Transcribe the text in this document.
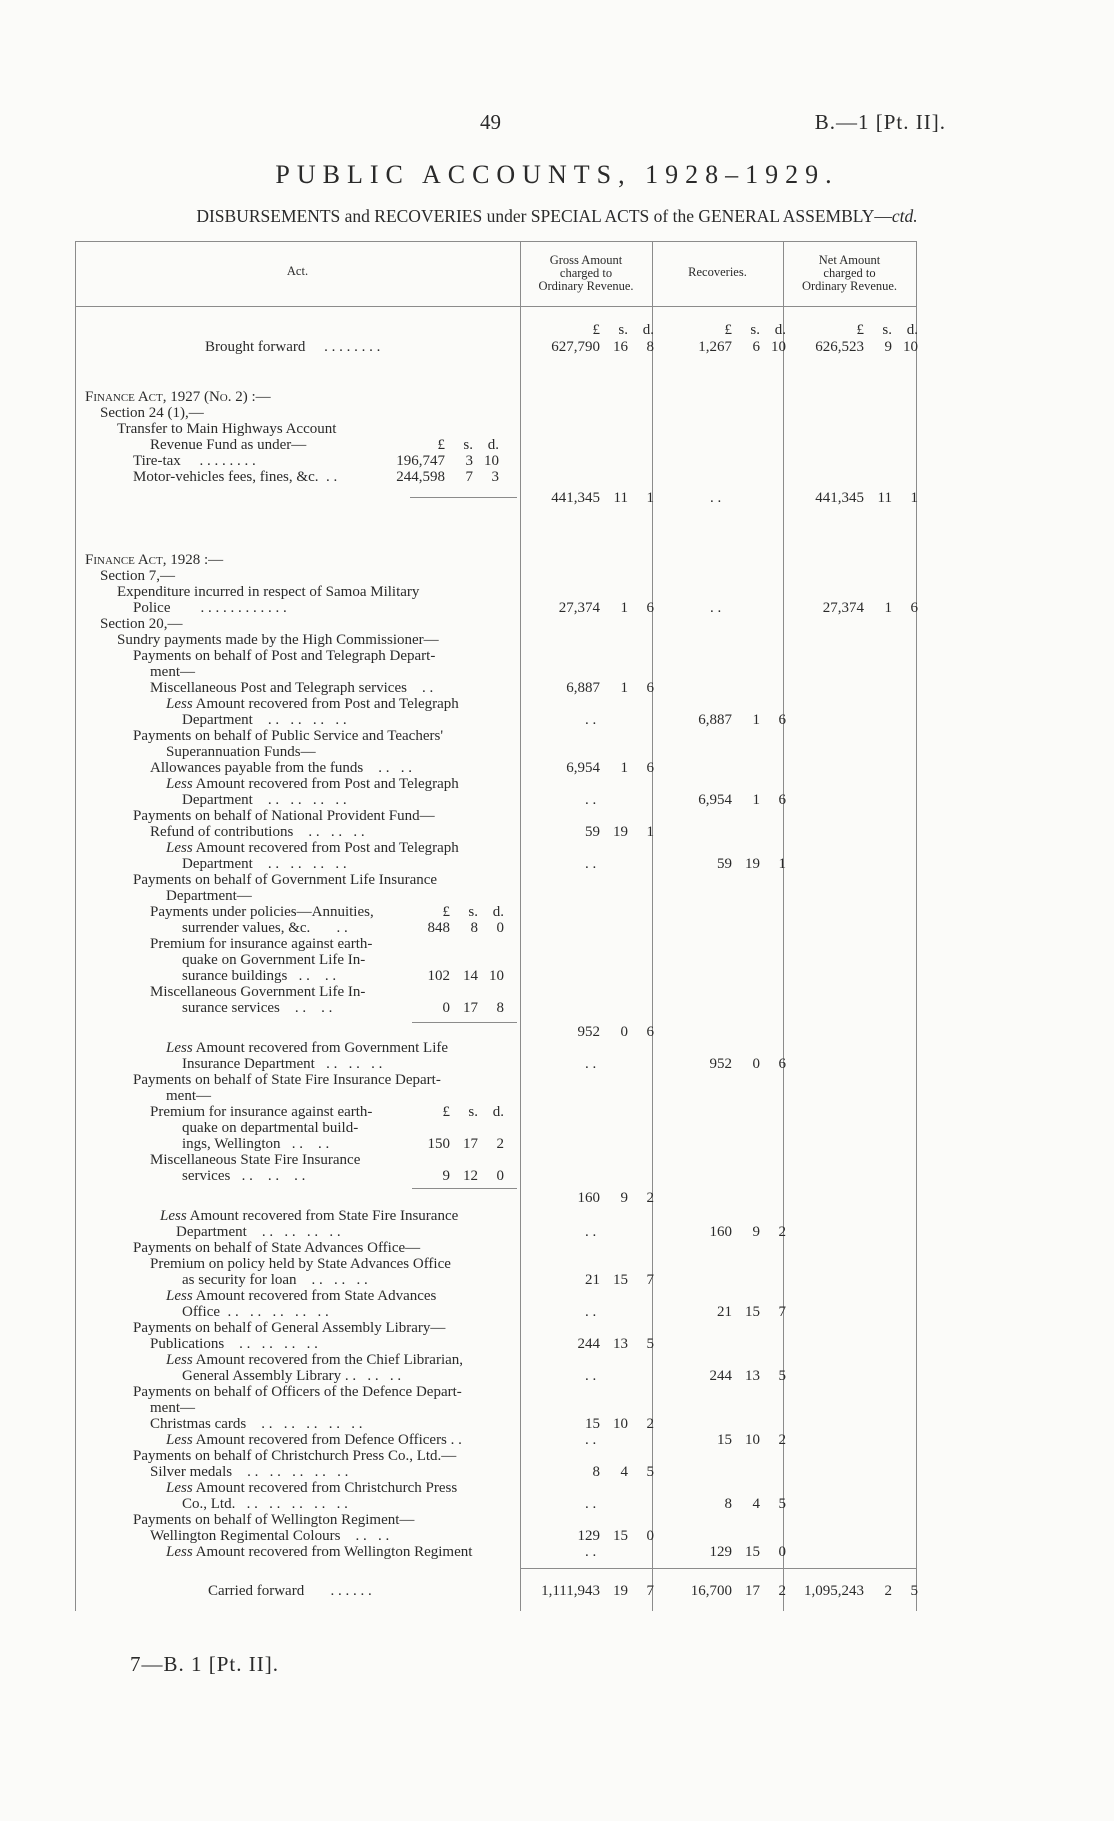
49	B.—1 [Pt. II].
PUBLIC ACCOUNTS, 1928–1929.
DISBURSEMENTS and RECOVERIES under SPECIAL ACTS of the GENERAL ASSEMBLY—ctd.
Act.
Gross Amount
charged to
Ordinary Revenue.
Recoveries.
Net Amount
charged to
Ordinary Revenue.
£ s. d.	£ s. d.	£ s. d.
Brought forward . . . . . . . .	627,790 16 8	1,267 6 10	626,523 9 10
Finance Act, 1927 (No. 2) :—
Section 24 (1),—
Transfer to Main Highways Account
Revenue Fund as under—	£ s. d.
Tire-tax . . . . . . . .	196,747 3 10
Motor-vehicles fees, fines, &c. . .	244,598 7 3
441,345 11 1	. .	441,345 11 1
Finance Act, 1928 :—
Section 7,—
Expenditure incurred in respect of Samoa Military
Police . . . . . . . . . . . .	27,374 1 6	. .	27,374 1 6
Section 20,—
Sundry payments made by the High Commissioner—
Payments on behalf of Post and Telegraph Depart-
ment—
Miscellaneous Post and Telegraph services    . .	6,887 1 6
Less Amount recovered from Post and Telegraph
Department    . .   . .   . .   . .	. .	6,887 1 6
Payments on behalf of Public Service and Teachers'
Superannuation Funds—
Allowances payable from the funds    . .   . .	6,954 1 6
Less Amount recovered from Post and Telegraph
Department    . .   . .   . .   . .	. .	6,954 1 6
Payments on behalf of National Provident Fund—
Refund of contributions    . .   . .   . .	59 19 1
Less Amount recovered from Post and Telegraph
Department    . .   . .   . .   . .	. .	59 19 1
Payments on behalf of Government Life Insurance
Department—
Payments under policies—Annuities,	£ s. d.
surrender values, &c.       . .	848 8 0
Premium for insurance against earth-
quake on Government Life In-
surance buildings   . .    . .	102 14 10
Miscellaneous Government Life In-
surance services    . .    . .	0 17 8
952 0 6
Less Amount recovered from Government Life
Insurance Department   . .   . .   . .	. .	952 0 6
Payments on behalf of State Fire Insurance Depart-
ment—
Premium for insurance against earth-	£ s. d.
quake on departmental build-
ings, Wellington   . .    . .	150 17 2
Miscellaneous State Fire Insurance
services   . .    . .    . .	9 12 0
160 9 2
Less Amount recovered from State Fire Insurance
Department    . .   . .   . .   . .	. .	160 9 2
Payments on behalf of State Advances Office—
Premium on policy held by State Advances Office
as security for loan    . .   . .   . .	21 15 7
Less Amount recovered from State Advances
Office  . .   . .   . .   . .   . .	. .	21 15 7
Payments on behalf of General Assembly Library—
Publications    . .   . .   . .   . .	244 13 5
Less Amount recovered from the Chief Librarian,
General Assembly Library . .   . .   . .	. .	244 13 5
Payments on behalf of Officers of the Defence Depart-
ment—
Christmas cards    . .   . .   . .   . .   . .	15 10 2
Less Amount recovered from Defence Officers . .	. .	15 10 2
Payments on behalf of Christchurch Press Co., Ltd.—
Silver medals    . .   . .   . .   . .   . .	8 4 5
Less Amount recovered from Christchurch Press
Co., Ltd.   . .   . .   . .   . .   . .	. .	8 4 5
Payments on behalf of Wellington Regiment—
Wellington Regimental Colours    . .   . .	129 15 0
Less Amount recovered from Wellington Regiment	. .	129 15 0
Carried forward . . . . . .	1,111,943 19 7	16,700 17 2	1,095,243 2 5
7—B. 1 [Pt. II].
